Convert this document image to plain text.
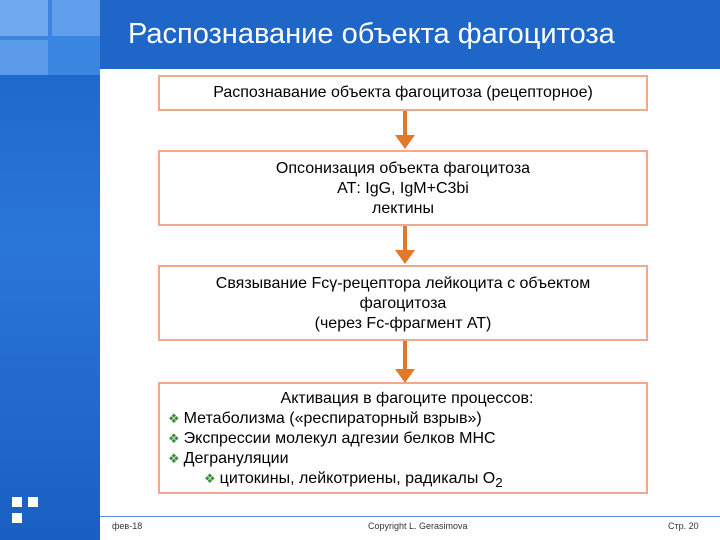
Распознавание объекта фагоцитоза
Распознавание объекта фагоцитоза (рецепторное)
Опсонизация объекта фагоцитоза
АТ: IgG, IgM+C3bi
лектины
Связывание Fcγ-рецептора лейкоцита с объектом
фагоцитоза
(через Fc-фрагмент АТ)
Активация в фагоците процессов:
❖ Метаболизма («респираторный взрыв»)
❖ Экспрессии молекул адгезии белков MHC
❖ Дегрануляции
❖ цитокины, лейкотриены, радикалы $O_2$
фев-18	Copyright L. Gerasimova	Стр. 20
